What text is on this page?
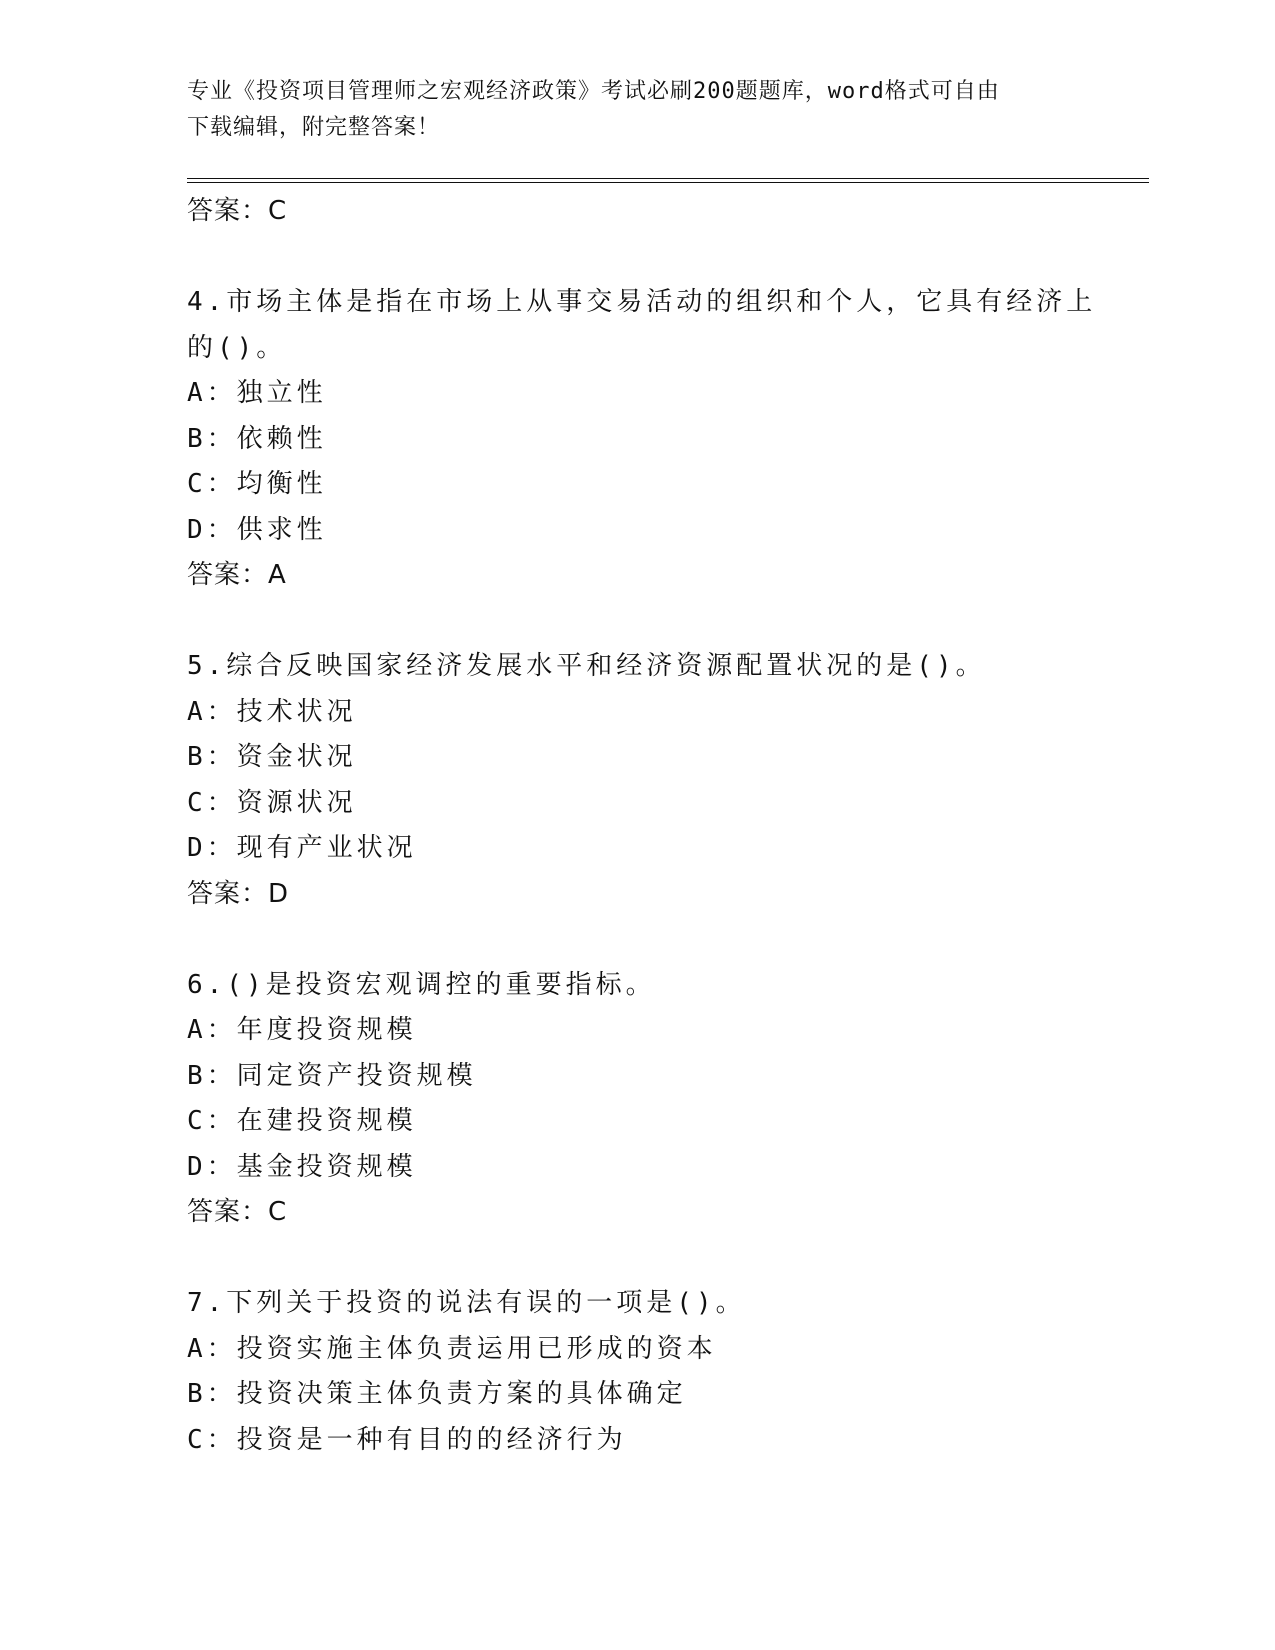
专业《投资项目管理师之宏观经济政策》考试必刷200题题库，word格式可自由
下载编辑，附完整答案！
答案：C
4.市场主体是指在市场上从事交易活动的组织和个人，它具有经济上
的()。
A：独立性
B：依赖性
C：均衡性
D：供求性
答案：A
5.综合反映国家经济发展水平和经济资源配置状况的是()。
A：技术状况
B：资金状况
C：资源状况
D：现有产业状况
答案：D
6.()是投资宏观调控的重要指标。
A：年度投资规模
B：同定资产投资规模
C：在建投资规模
D：基金投资规模
答案：C
7.下列关于投资的说法有误的一项是()。
A：投资实施主体负责运用已形成的资本
B：投资决策主体负责方案的具体确定
C：投资是一种有目的的经济行为
